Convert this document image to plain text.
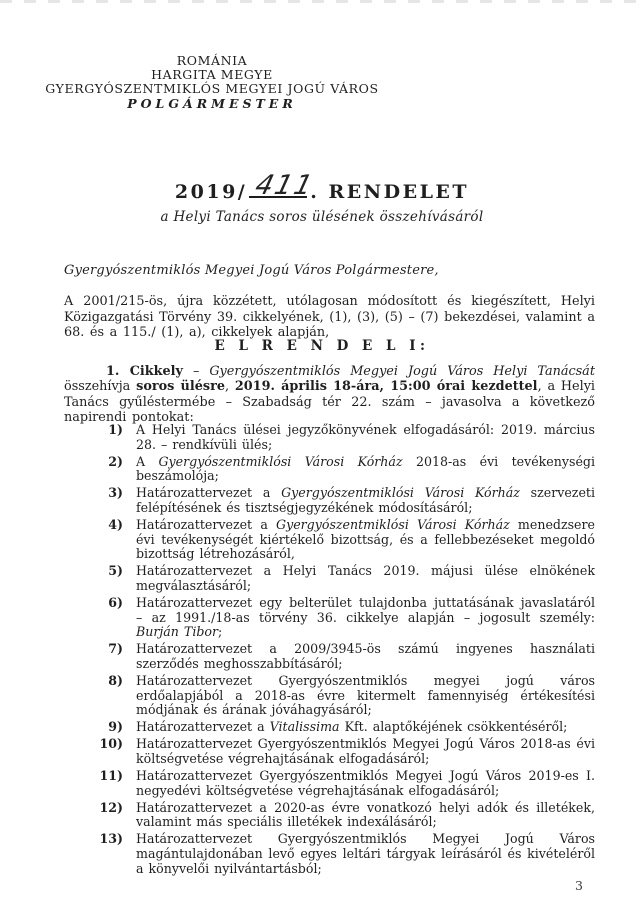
ROMÁNIA
HARGITA MEGYE
GYERGYÓSZENTMIKLÓS MEGYEI JOGÚ VÁROS
POLGÁRMESTER
2019/ 411
. RENDELET
a Helyi Tanács soros ülésének összehívásáról

Gyergyószentmiklós Megyei Jogú Város Polgármestere,

A 2001/215-ös, újra közzétett, utólagosan módosított és kiegészített, Helyi Közigazgatási Törvény 39. cikkelyének, (1), (3), (5) – (7) bekezdései, valamint a 68. és a 115./ (1), a), cikkelyek alapján,

E L R E N D E L I:

1. Cikkely – Gyergyószentmiklós Megyei Jogú Város Helyi Tanácsát összehívja soros ülésre, 2019. április 18-ára, 15:00 órai kezdettel, a Helyi Tanács gyűléstermébe – Szabadság tér 22. szám – javasolva a következő napirendi pontokat:

1)	A Helyi Tanács ülései jegyzőkönyvének elfogadásáról: 2019. március 28. – rendkívüli ülés;
2)	A Gyergyószentmiklósi Városi Kórház 2018-as évi tevékenységi beszámolója;
3)	Határozattervezet a Gyergyószentmiklósi Városi Kórház szervezeti felépítésének és tisztségjegyzékének módosításáról;
4)	Határozattervezet a Gyergyószentmiklósi Városi Kórház menedzsere évi tevékenységét kiértékelő bizottság, és a fellebbezéseket megoldó bizottság létrehozásáról,
5)	Határozattervezet a Helyi Tanács 2019. májusi ülése elnökének megválasztásáról;
6)	Határozattervezet egy belterület tulajdonba juttatásának javaslatáról – az 1991./18-as törvény 36. cikkelye alapján – jogosult személy: Burján Tibor;
7)	Határozattervezet a 2009/3945-ös számú ingyenes használati szerződés meghosszabbításáról;
8)	Határozattervezet Gyergyószentmiklós megyei jogú város erdőalapjából a 2018-as évre kitermelt famennyiség értékesítési módjának és árának jóváhagyásáról;
9)	Határozattervezet a Vitalissima Kft. alaptőkéjének csökkentéséről;
10)	Határozattervezet Gyergyószentmiklós Megyei Jogú Város 2018-as évi költségvetése végrehajtásának elfogadásáról;
11)	Határozattervezet Gyergyószentmiklós Megyei Jogú Város 2019-es I. negyedévi költségvetése végrehajtásának elfogadásáról;
12)	Határozattervezet a 2020-as évre vonatkozó helyi adók és illetékek, valamint más speciális illetékek indexálásáról;
13)	Határozattervezet Gyergyószentmiklós Megyei Jogú Város magántulajdonában levő egyes leltári tárgyak leírásáról és kivételéről a könyvelői nyilvántartásból;
3
